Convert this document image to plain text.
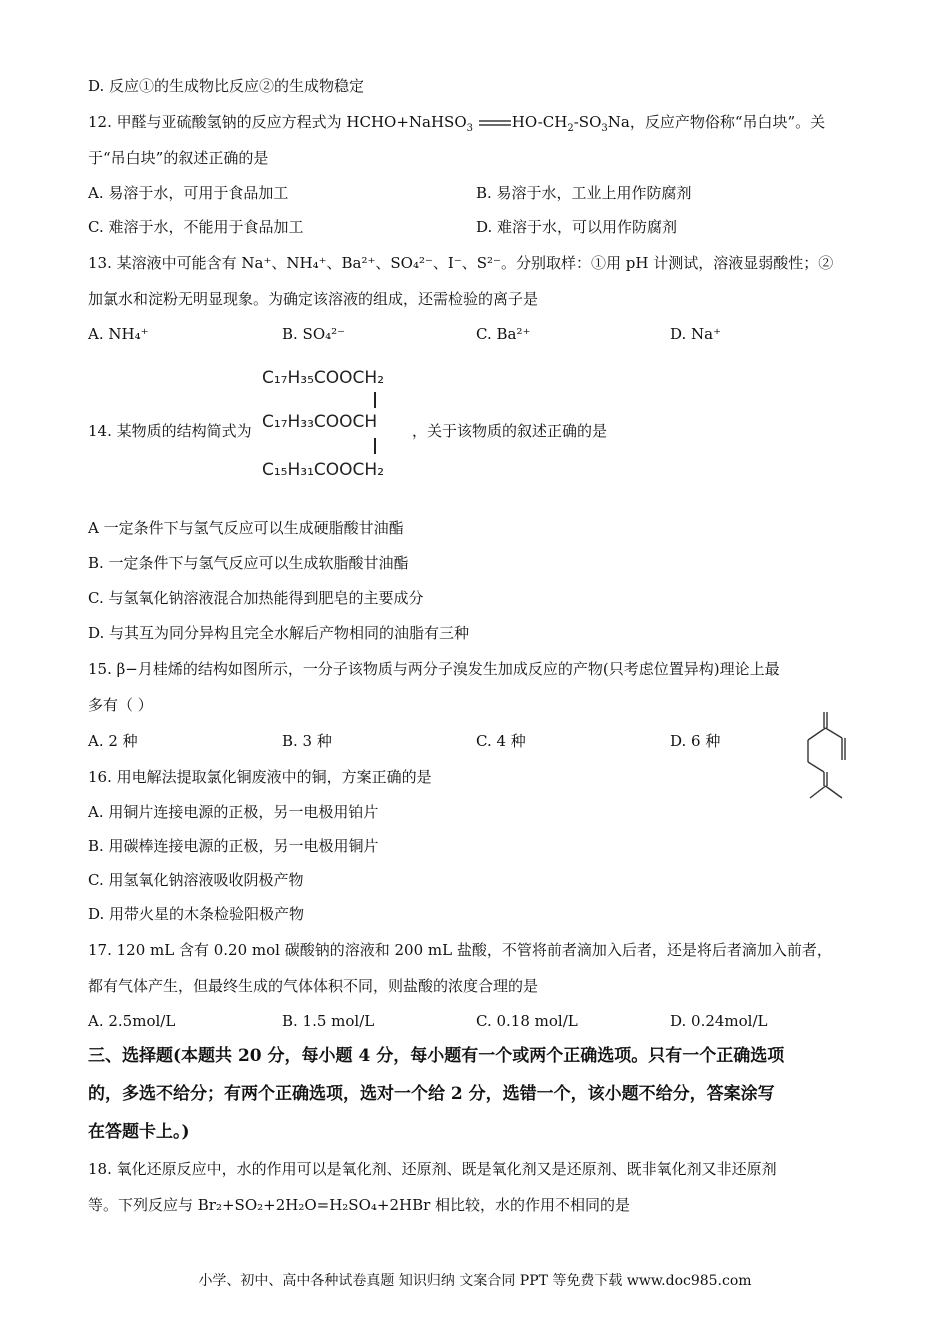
D. 反应①的生成物比反应②的生成物稳定
12. 甲醛与亚硫酸氢钠的反应方程式为 HCHO+NaHSO$_3$	$HO-CH_2-SO_3Na$，反应产物俗称“吊白块”。关
于“吊白块”的叙述正确的是
A. 易溶于水，可用于食品加工	B. 易溶于水，工业上用作防腐剂
C. 难溶于水，不能用于食品加工	D. 难溶于水，可以用作防腐剂
13. 某溶液中可能含有 Na⁺、NH₄⁺、Ba²⁺、SO₄²⁻、I⁻、S²⁻。分别取样：①用 pH 计测试，溶液显弱酸性；②
加氯水和淀粉无明显现象。为确定该溶液的组成，还需检验的离子是
A. NH₄⁺	B. SO₄²⁻	C. Ba²⁺	D. Na⁺
14. 某物质的结构简式为
C₁₇H₃₅COOCH₂
C₁₇H₃₃COOCH
C₁₅H₃₁COOCH₂
，关于该物质的叙述正确的是
A 一定条件下与氢气反应可以生成硬脂酸甘油酯
B. 一定条件下与氢气反应可以生成软脂酸甘油酯
C. 与氢氧化钠溶液混合加热能得到肥皂的主要成分
D. 与其互为同分异构且完全水解后产物相同的油脂有三种
15. β−月桂烯的结构如图所示，一分子该物质与两分子溴发生加成反应的产物(只考虑位置异构)理论上最
多有（ ）
A. 2 种	B. 3 种	C. 4 种	D. 6 种
16. 用电解法提取氯化铜废液中的铜，方案正确的是
A. 用铜片连接电源的正极，另一电极用铂片
B. 用碳棒连接电源的正极，另一电极用铜片
C. 用氢氧化钠溶液吸收阴极产物
D. 用带火星的木条检验阳极产物
17. 120 mL 含有 0.20 mol 碳酸钠的溶液和 200 mL 盐酸，不管将前者滴加入后者，还是将后者滴加入前者，
都有气体产生，但最终生成的气体体积不同，则盐酸的浓度合理的是
A. 2.5mol/L	B. 1.5 mol/L	C. 0.18 mol/L	D. 0.24mol/L
三、选择题(本题共 20 分，每小题 4 分，每小题有一个或两个正确选项。只有一个正确选项
的，多选不给分；有两个正确选项，选对一个给 2 分，选错一个，该小题不给分，答案涂写
在答题卡上。)
18. 氧化还原反应中，水的作用可以是氧化剂、还原剂、既是氧化剂又是还原剂、既非氧化剂又非还原剂
等。下列反应与 Br₂+SO₂+2H₂O=H₂SO₄+2HBr 相比较，水的作用不相同的是
小学、初中、高中各种试卷真题 知识归纳 文案合同 PPT 等免费下载 www.doc985.com
